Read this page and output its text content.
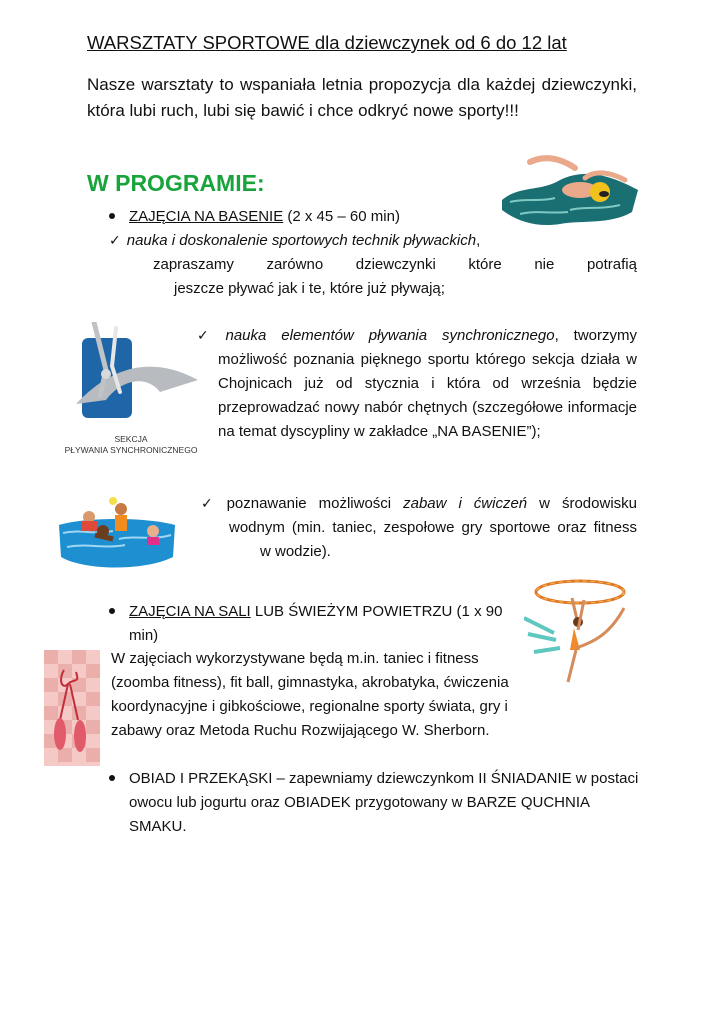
WARSZTATY SPORTOWE dla dziewczynek od 6 do 12 lat
Nasze warsztaty to wspaniała letnia propozycja dla każdej dziewczynki, która lubi ruch, lubi się bawić i chce odkryć nowe sporty!!!
W PROGRAMIE:
ZAJĘCIA NA BASENIE (2 x 45 – 60 min)
✓ nauka i doskonalenie sportowych technik pływackich,
zapraszamy zarówno dziewczynki które nie potrafią
jeszcze pływać jak i te, które już pływają;
SEKCJA
PŁYWANIA SYNCHRONICZNEGO
✓ nauka elementów pływania synchronicznego, tworzymy
możliwość poznania pięknego sportu którego sekcja działa w Chojnicach już od stycznia i która od września będzie przeprowadzać nowy nabór chętnych (szczegółowe informacje na temat dyscypliny w zakładce „NA BASENIE”);
✓ poznawanie możliwości zabaw i ćwiczeń w środowisku
wodnym (min. taniec, zespołowe gry sportowe oraz fitness
w wodzie).
ZAJĘCIA NA SALI LUB ŚWIEŻYM POWIETRZU (1 x 90
min)
W zajęciach wykorzystywane będą m.in. taniec i fitness (zoomba fitness), fit ball, gimnastyka, akrobatyka, ćwiczenia koordynacyjne i gibkościowe, regionalne sporty świata, gry i zabawy oraz Metoda Ruchu Rozwijającego W. Sherborn.
OBIAD I PRZEKĄSKI – zapewniamy dziewczynkom II ŚNIADANIE w postaci owocu lub jogurtu oraz OBIADEK przygotowany w BARZE QUCHNIA SMAKU.
